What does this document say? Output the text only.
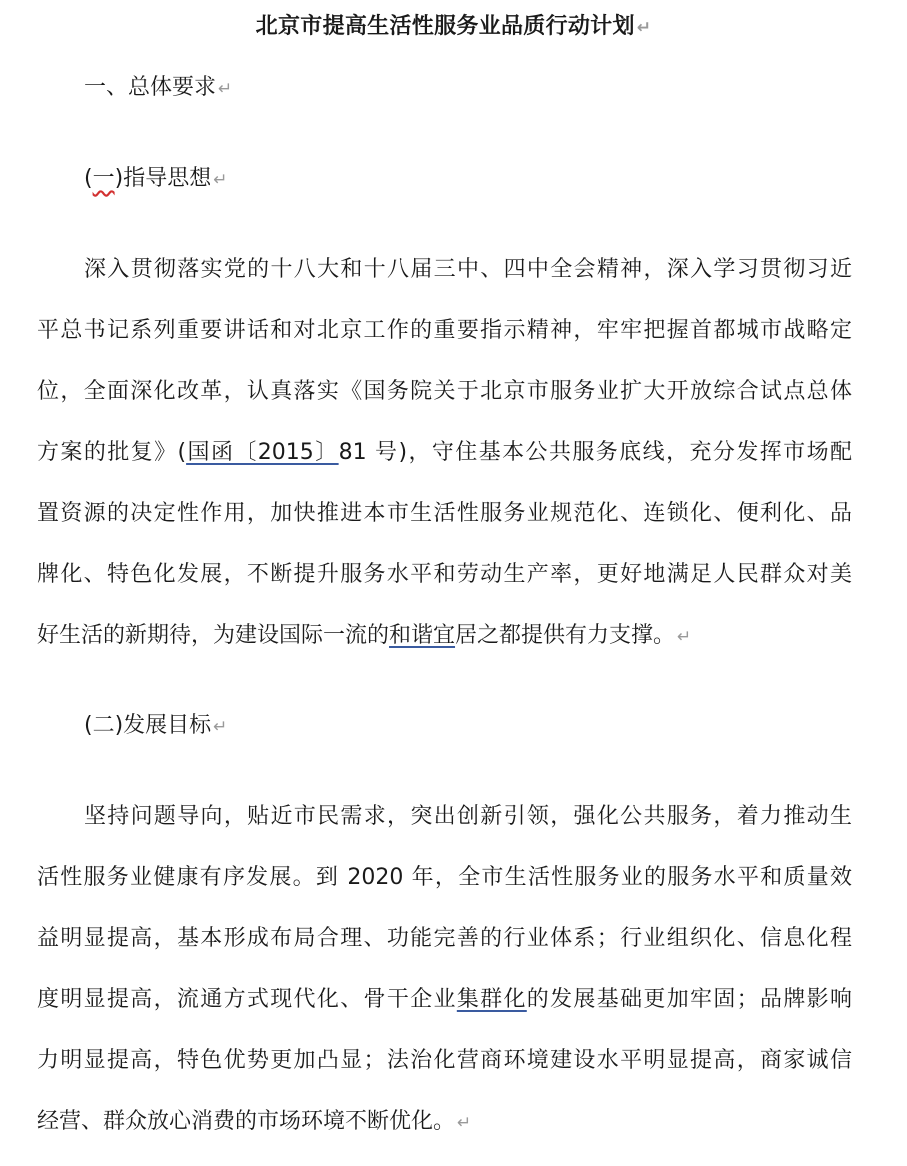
北京市提高生活性服务业品质行动计划 ↵
一、总体要求 ↵
(一)指导思想 ↵
深入贯彻落实党的十八大和十八届三中、四中全会精神，深入学习贯彻习近
平总书记系列重要讲话和对北京工作的重要指示精神，牢牢把握首都城市战略定
位，全面深化改革，认真落实《国务院关于北京市服务业扩大开放综合试点总体
方案的批复》(国函〔2015〕81 号)，守住基本公共服务底线，充分发挥市场配
置资源的决定性作用，加快推进本市生活性服务业规范化、连锁化、便利化、品
牌化、特色化发展，不断提升服务水平和劳动生产率，更好地满足人民群众对美
好生活的新期待，为建设国际一流的和谐宜居之都提供有力支撑。 ↵
(二)发展目标 ↵
坚持问题导向，贴近市民需求，突出创新引领，强化公共服务，着力推动生
活性服务业健康有序发展。到 2020 年，全市生活性服务业的服务水平和质量效
益明显提高，基本形成布局合理、功能完善的行业体系；行业组织化、信息化程
度明显提高，流通方式现代化、骨干企业集群化的发展基础更加牢固；品牌影响
力明显提高，特色优势更加凸显；法治化营商环境建设水平明显提高，商家诚信
经营、群众放心消费的市场环境不断优化。 ↵
